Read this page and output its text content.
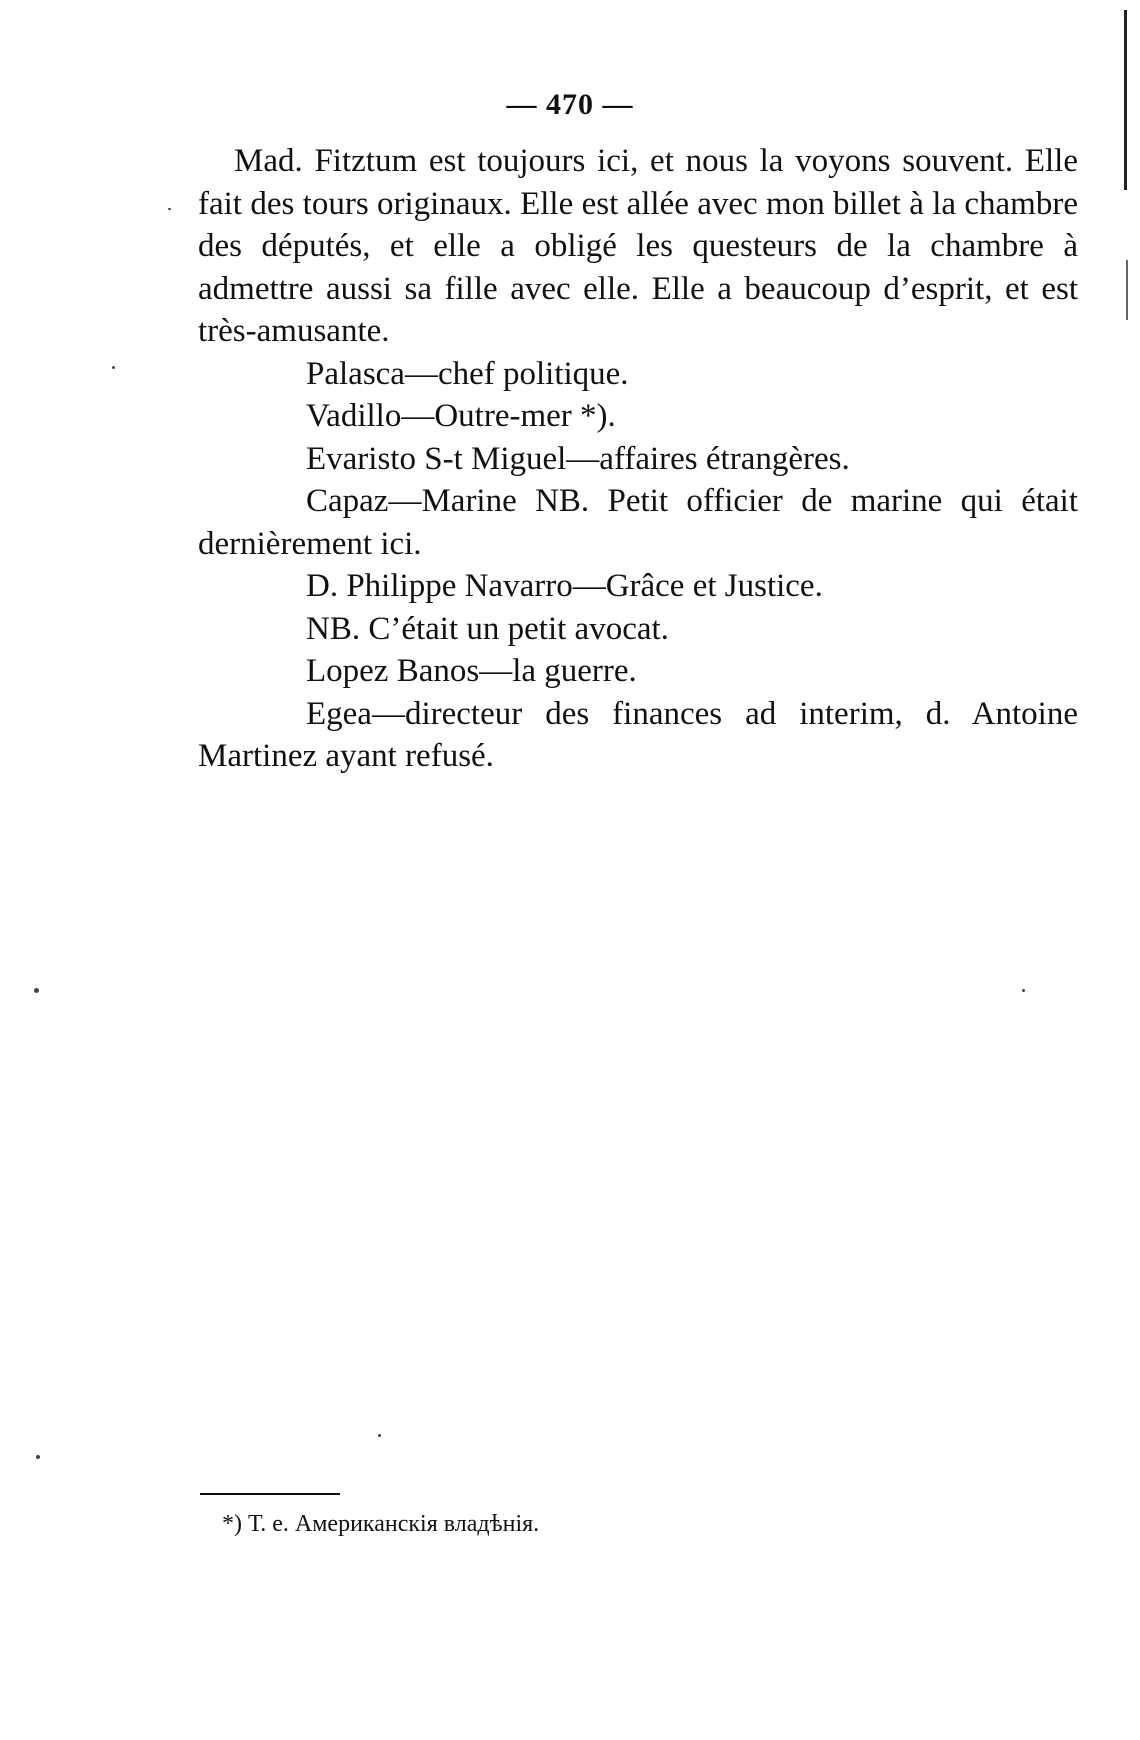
— 470 —

Mad. Fitztum est toujours ici, et nous la voyons souvent. Elle fait des tours originaux. Elle est allée avec mon billet à la chambre des députés, et elle a obligé les questeurs de la chambre à admettre aussi sa fille avec elle. Elle a beaucoup d’esprit, et est très-amusante.

Palasca—chef politique.

Vadillo—Outre-mer *).

Evaristo S-t Miguel—affaires étrangères.

Capaz—Marine NB. Petit officier de marine qui était dernièrement ici.

D. Philippe Navarro—Grâce et Justice.

NB. C’était un petit avocat.

Lopez Banos—la guerre.

Egea—directeur des finances ad interim, d. Antoine Martinez ayant refusé.

*) Т. е. Американскія владѣнія.
